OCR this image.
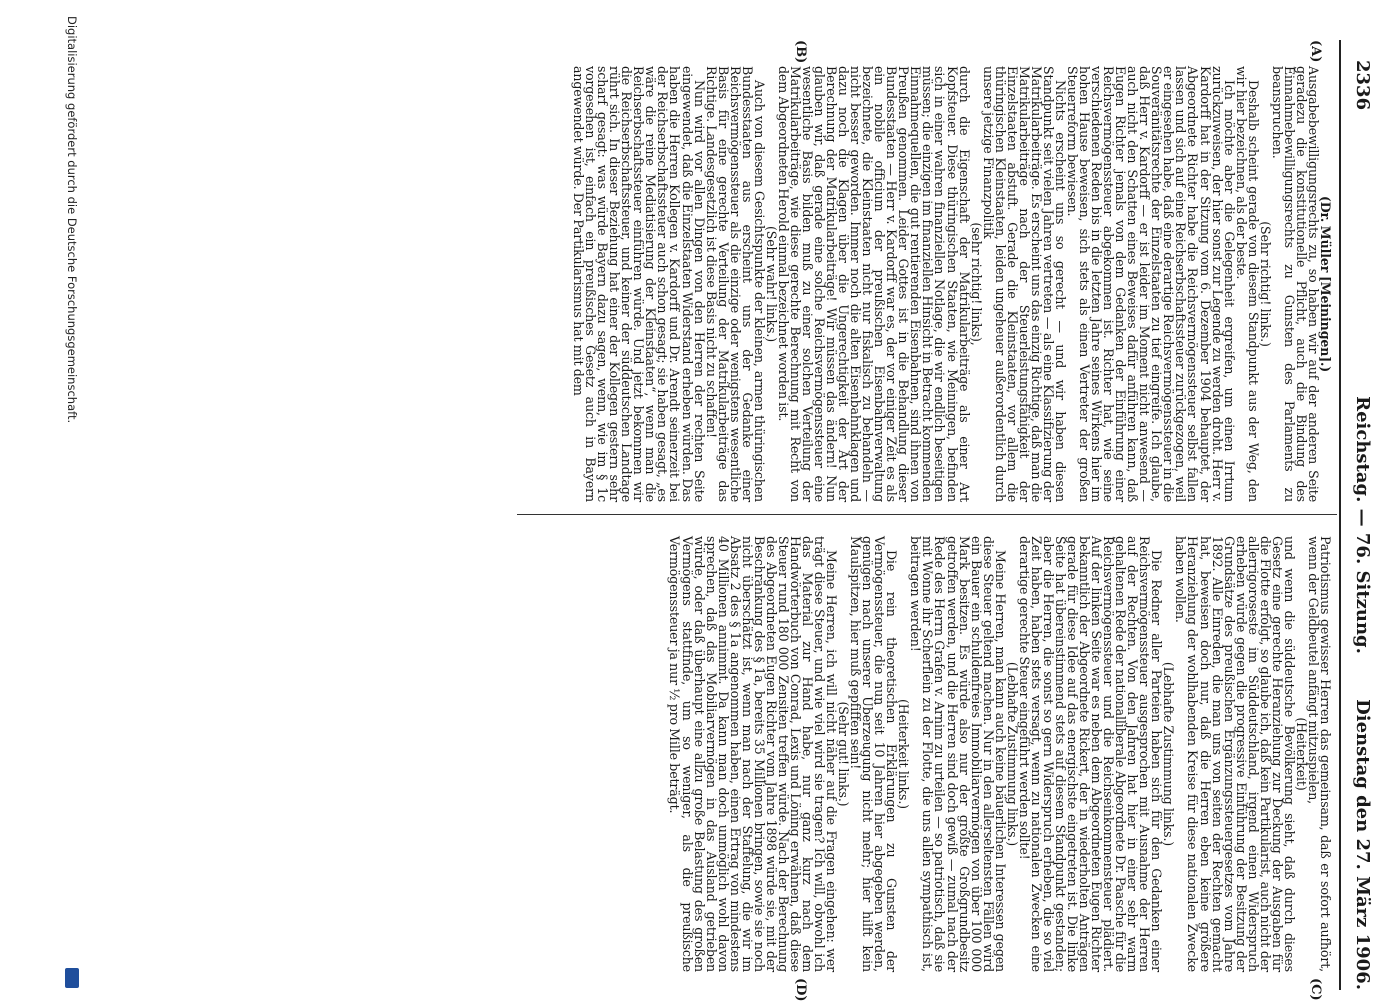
2336
Reichstag. — 76. Sitzung.
Dienstag den 27. März 1906.
(A)
(B)
(C)
(D)

(Dr. Müller [Meiningen].)

Ausgabebewilligungsrechts zu, so haben wir auf der anderen Seite geradezu die konstitutionelle Pflicht, auch die Bindung des Einnahmebewilligungsrechts zu Gunsten des Parlaments zu beanspruchen.

(Sehr richtig! links.)

Deshalb scheint gerade von diesem Standpunkt aus der Weg, den wir hier bezeichnen, als der beste.

Ich möchte aber die Gelegenheit ergreifen, um einen Irrtum zurückzuweisen, der hier sonst zur Legende zu werden droht. Herr v. Kardorff hat in der Sitzung vom 6. Dezember 1904 behauptet, der Abgeordnete Richter habe die Reichsvermögenssteuer selbst fallen lassen und sich auf eine Reichserbschaftssteuer zurückgezogen, weil er eingesehen habe, daß eine derartige Reichsvermögenssteuer in die Souveränitätsrechte der Einzelstaaten zu tief eingreife. Ich glaube, daß Herr v. Kardorff — er ist leider im Moment nicht anwesend — auch nicht den Schatten eines Beweises dafür anführen kann, daß Eugen Richter jemals von dem Gedanken der Einführung einer Reichsvermögenssteuer abgekommen ist. Richter hat, wie seine verschiedenen Reden bis in die letzten Jahre seines Wirkens hier im hohen Hause beweisen, sich stets als einen Vertreter der großen Steuerreform bewiesen.

Nichts erscheint uns so gerecht — und wir haben diesen Standpunkt seit vielen Jahren vertreten — als eine Klassifizierung der Matrikularbeiträge. Es erscheint uns das einzig Richtige, daß man die Matrikularbeiträge nach der Steuerleistungsfähigkeit der Einzelstaaten abstuft. Gerade die Kleinstaaten, vor allem die thüringischen Kleinstaaten, leiden ungeheuer außerordentlich durch unsere jetzige Finanzpolitik

(sehr richtig! links),

durch die Eigenschaft der Matrikularbeiträge als einer Art Kopfsteuer. Diese thüringischen Staaten, wie Meiningen, befinden sich in einer wahren finanziellen Notlage, die wir endlich beseitigen müssen; die einzigen im finanziellen Hinsicht in Betracht kommenden Einnahmequellen, die gut rentierenden Eisenbahnen, sind ihnen von Preußen genommen. Leider Gottes ist in die Behandlung dieser Bundesstaaten — Herr v. Kardorff war es, der vor einiger Zeit es als ein nobile officium der preußischen Eisenbahnverwaltung bezeichnete, die Kleinstaaten nicht nur fiskalisch zu behandeln — nicht besser geworden. Immer noch die alten Eisenbahnklagen und dazu noch die Klagen über die Ungerechtigkeit der Art der Berechnung der Matrikularbeiträge! Wir müssen das ändern! Nun glauben wir, daß gerade eine solche Reichsvermögenssteuer eine wesentliche Basis bilden muß zu einer solchen Verteilung der Matrikularbeiträge, wie diese gerechte Berechnung mit Recht von dem Abgeordneten Herold einmal bezeichnet worden ist.

(Sehr wahr! links.)

Auch von diesem Gesichtspunkte der kleinen, armen thüringischen Bundesstaaten aus erscheint uns der Gedanke einer Reichsvermögenssteuer als die einzige oder wenigstens wesentliche Basis für eine gerechte Verteilung der Matrikularbeiträge das Richtige. Landesgesetzlich ist diese Basis nicht zu schaffen!

Nun wird vor allen Dingen von den Herren der rechten Seite eingewendet, daß die Einzelstaaten Widerstand erheben würden. Das haben die Herren Kollegen v. Kardorff und Dr. Arendt seinerzeit bei der Reichserbschaftssteuer auch schon gesagt; sie haben gesagt, „es wäre die reine Mediatisierung der Kleinstaaten“, wenn man die Reichserbschaftssteuer einführen würde. Und jetzt bekommen wir die Reichserbschaftssteuer, und keiner der süddeutschen Landtage rührt sich. In dieser Beziehung hat einer der Kollegen gestern sehr scharf gesagt: was würde Bayern dazu sagen, wenn, wie im § 1c vorgesehen ist, einfach ein preußisches Gesetz auch in Bayern angewendet würde. Der Partikularismus hat mit dem

Patriotismus gewisser Herren das gemeinsam, daß er sofort aufhört, wenn der Geldbeutel anfängt mitzuspielen,

(Heiterkeit)

und wenn die süddeutsche Bevölkerung sieht, daß durch dieses Gesetz eine gerechte Heranziehung zur Deckung der Ausgaben für die Flotte erfolgt, so glaube ich, daß kein Partikularist, auch nicht der allerrigoroseste im Süddeutschland, irgend einen Widerspruch erheben würde gegen die progressive Einführung der Besitzung der Grundsätze des preußischen Ergänzungssteuergesetzes vom Jahre 1892. Alle Einreden, die man uns von seiten der Rechten gemacht hat, beweisen doch nur, daß die Herren eben keine größere Heranziehung der wohlhabenden Kreise für diese nationalen Zwecke haben wollen.

(Lebhafte Zustimmung links.)

Die Redner aller Parteien haben sich für den Gedanken einer Reichsvermögenssteuer ausgesprochen mit Ausnahme der Herren auf der Rechten. Von den Jahren hat hier in einer sehr warm gehaltenen Rede der nationalliberale Abgeordnete Dr. Paasche für die Reichsvermögenssteuer und die Reichseinkommensteuer plädiert. Auf der linken Seite war es neben dem Abgeordneten Eugen Richter bekanntlich der Abgeordnete Rickert, der in wiederholten Anträgen gerade für diese Idee auf das energischste eingetreten ist. Die linke Seite hat übereinstimmend stets auf diesem Standpunkt gestanden; aber die Herren, die sonst so gern Widerspruch erheben, die so viel Zeit haben, haben stets versagt, wenn zu nationalen Zwecken eine derartige gerechte Steuer eingeführt werden sollte!

(Lebhafte Zustimmung links.)

Meine Herren, man kann auch keine bäuerlichen Interessen gegen diese Steuer geltend machen. Nur in den allerseltensten Fällen wird ein Bauer ein schuldenfreies Immobiliarvermögen von über 100 000 Mark besitzen. Es würde also nur der größte Großgrundbesitz getroffen werden, und die Herren sind doch gewiß — zumal nach der Rede des Herrn Grafen v. Arnim zu urteilen — so patriotisch, daß sie mit Wonne ihr Scherflein zu der Flotte, die uns allen sympathisch ist, beitragen werden!

(Heiterkeit links.)

Die rein theoretischen Erklärungen zu Gunsten der Vermögenssteuer, die nun seit 10 Jahren hier abgegeben werden, genügen nach unserer Überzeugung nicht mehr; hier hilft kein Maulspitzen, hier muß gepfiffen sein!

(Sehr gut! links.)

Meine Herren, ich will nicht näher auf die Fragen eingehen: wer trägt diese Steuer, und wie viel wird sie tragen? Ich will, obwohl ich das Material zur Hand habe, nur ganz kurz nach dem Handwörterbuch von Conrad, Lexis und Löning erwähnen, daß diese Steuer rund 180 000 Zensiten treffen würde. Nach der Berechnung des Abgeordneten Eugen Richter vom Jahre 1898 würde sie, mit der Beschränkung des § 1a, bereits 35 Millionen bringen, sowie sie noch nicht überschätzt ist, wenn man nach der Staffelung, die wir im Absatz 2 des § 1a angenommen haben, einen Ertrag von mindestens 40 Millionen annimmt. Da kann man doch unmöglich wohl davon sprechen, daß das Mobiliarvermögen in das Ausland getrieben würde, oder daß überhaupt eine allzu große Belastung des großen Vermögens stattfinde, um so weniger, als die preußische Vermögenssteuer ja nur ½ pro Mille beträgt.

Digitalisierung gefördert durch die Deutsche Forschungsgemeinschaft.
